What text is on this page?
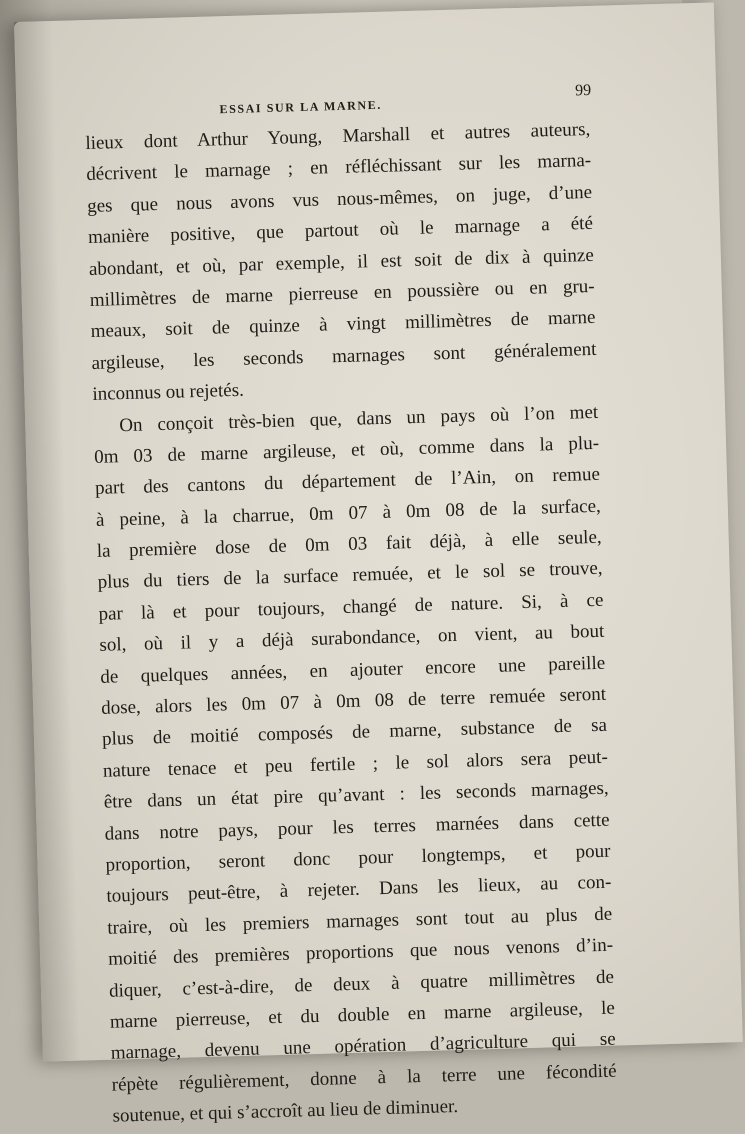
ESSAI SUR LA MARNE.
99
lieux dont Arthur Young, Marshall et autres auteurs,
décrivent le marnage ; en réfléchissant sur les marna-
ges que nous avons vus nous-mêmes, on juge, d’une
manière positive, que partout où le marnage a été
abondant, et où, par exemple, il est soit de dix à quinze
millimètres de marne pierreuse en poussière ou en gru-
meaux, soit de quinze à vingt millimètres de marne
argileuse, les seconds marnages sont généralement
inconnus ou rejetés.
On conçoit très-bien que, dans un pays où l’on met
0m 03 de marne argileuse, et où, comme dans la plu-
part des cantons du département de l’Ain, on remue
à peine, à la charrue, 0m 07 à 0m 08 de la surface,
la première dose de 0m 03 fait déjà, à elle seule,
plus du tiers de la surface remuée, et le sol se trouve,
par là et pour toujours, changé de nature. Si, à ce
sol, où il y a déjà surabondance, on vient, au bout
de quelques années, en ajouter encore une pareille
dose, alors les 0m 07 à 0m 08 de terre remuée seront
plus de moitié composés de marne, substance de sa
nature tenace et peu fertile ; le sol alors sera peut-
être dans un état pire qu’avant : les seconds marnages,
dans notre pays, pour les terres marnées dans cette
proportion, seront donc pour longtemps, et pour
toujours peut-être, à rejeter. Dans les lieux, au con-
traire, où les premiers marnages sont tout au plus de
moitié des premières proportions que nous venons d’in-
diquer, c’est-à-dire, de deux à quatre millimètres de
marne pierreuse, et du double en marne argileuse, le
marnage, devenu une opération d’agriculture qui se
répète régulièrement, donne à la terre une fécondité
soutenue, et qui s’accroît au lieu de diminuer.
